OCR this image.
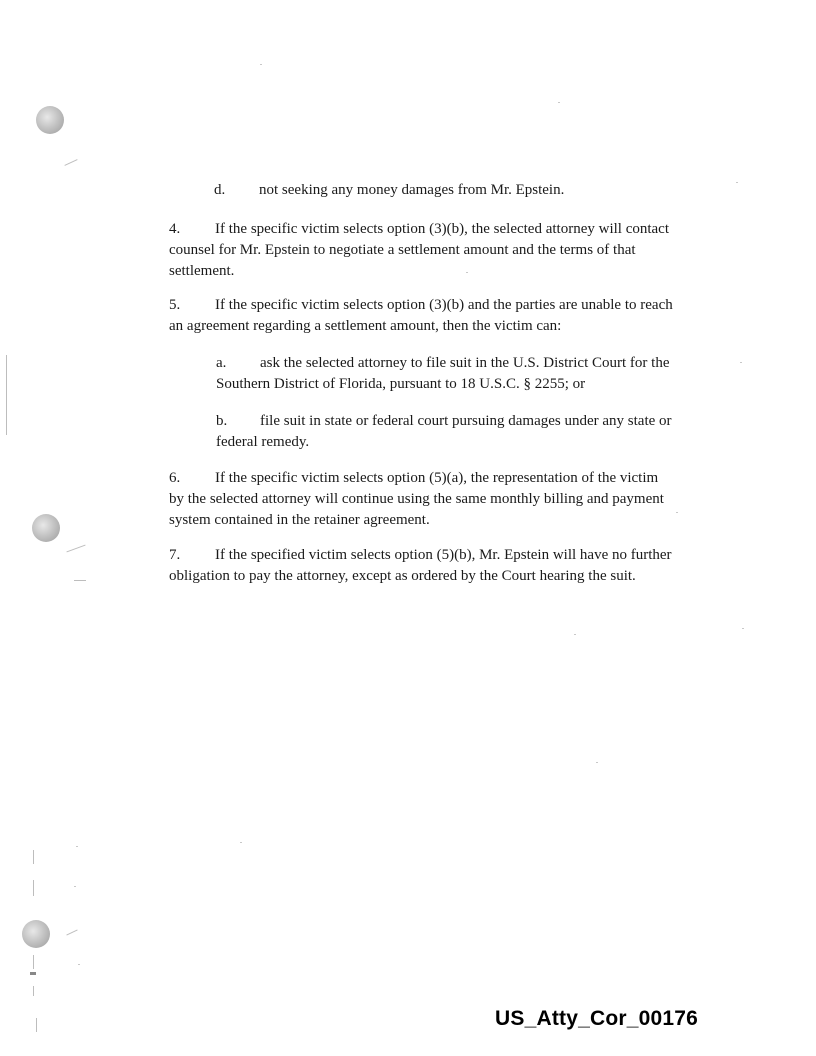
d. not seeking any money damages from Mr. Epstein.
4. If the specific victim selects option (3)(b), the selected attorney will contact
counsel for Mr. Epstein to negotiate a settlement amount and the terms of that
settlement.
5. If the specific victim selects option (3)(b) and the parties are unable to reach
an agreement regarding a settlement amount, then the victim can:
a. ask the selected attorney to file suit in the U.S. District Court for the
Southern District of Florida, pursuant to 18 U.S.C. § 2255; or
b. file suit in state or federal court pursuing damages under any state or
federal remedy.
6. If the specific victim selects option (5)(a), the representation of the victim
by the selected attorney will continue using the same monthly billing and payment
system contained in the retainer agreement.
7. If the specified victim selects option (5)(b), Mr. Epstein will have no further
obligation to pay the attorney, except as ordered by the Court hearing the suit.
US_Atty_Cor_00176
